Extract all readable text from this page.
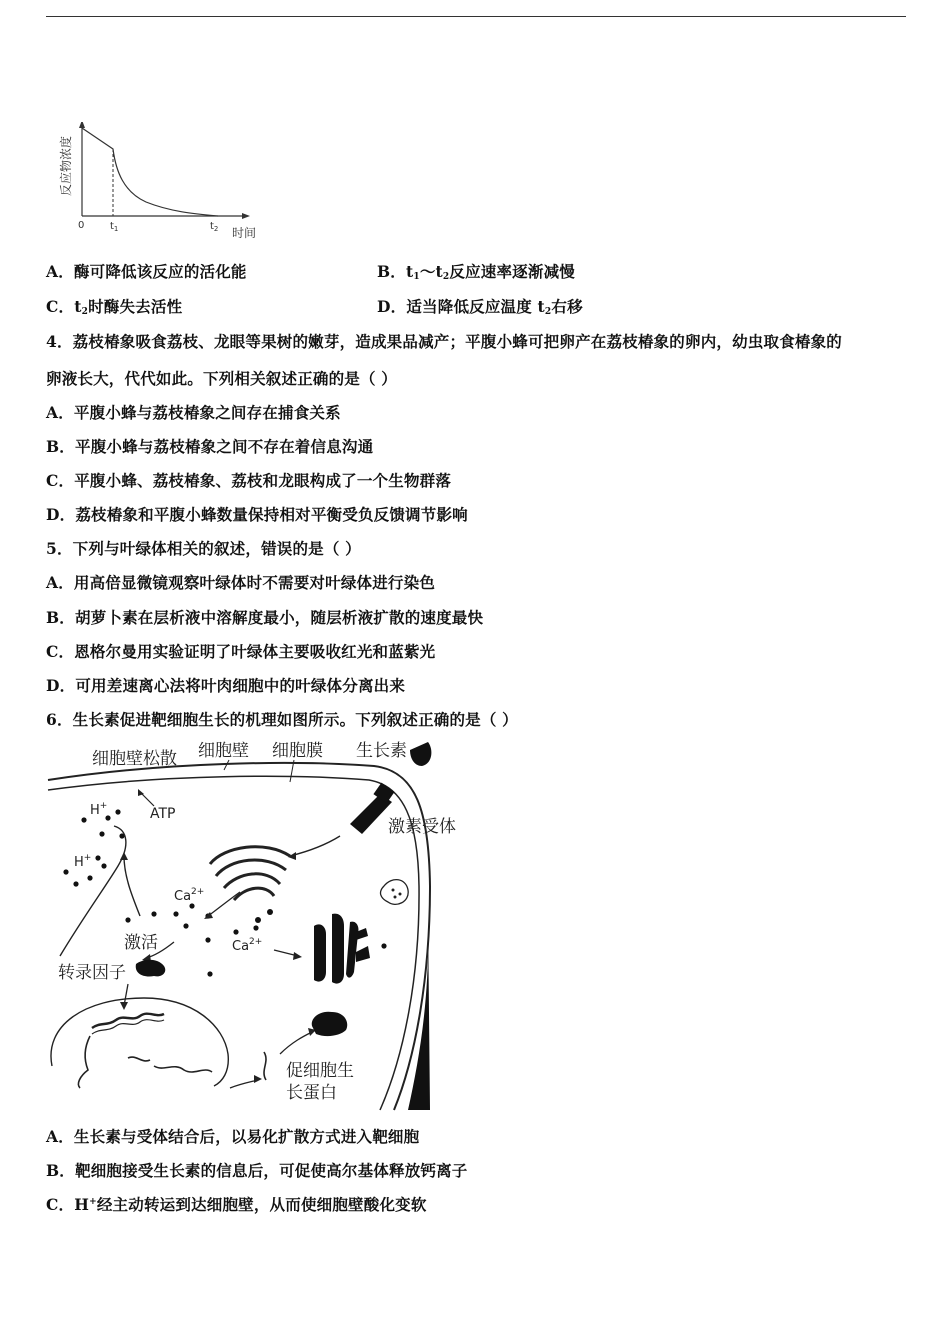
反应物浓度
0	$t_1$	$t_2$ 时间
A．酶可降低该反应的活化能	B．$t_1\sim t_2$反应速率逐渐减慢
C．$t_2$时酶失去活性	D．适当降低反应温度 $t_2$右移
4．荔枝椿象吸食荔枝、龙眼等果树的嫩芽，造成果品减产；平腹小蜂可把卵产在荔枝椿象的卵内，幼虫取食椿象的
卵液长大，代代如此。下列相关叙述正确的是（ ）
A．平腹小蜂与荔枝椿象之间存在捕食关系
B．平腹小蜂与荔枝椿象之间不存在着信息沟通
C．平腹小蜂、荔枝椿象、荔枝和龙眼构成了一个生物群落
D．荔枝椿象和平腹小蜂数量保持相对平衡受负反馈调节影响
5．下列与叶绿体相关的叙述，错误的是（ ）
A．用高倍显微镜观察叶绿体时不需要对叶绿体进行染色
B．胡萝卜素在层析液中溶解度最小，随层析液扩散的速度最快
C．恩格尔曼用实验证明了叶绿体主要吸收红光和蓝紫光
D．可用差速离心法将叶肉细胞中的叶绿体分离出来
6．生长素促进靶细胞生长的机理如图所示。下列叙述正确的是（ ）
细胞壁松散 细胞壁 细胞膜 生长素
激素受体
H+	ATP
H+
$Ca^{2+}$
$Ca^{2+}$
激活
转录因子
促细胞生
长蛋白
A．生长素与受体结合后，以易化扩散方式进入靶细胞
B．靶细胞接受生长素的信息后，可促使高尔基体释放钙离子
C．H+经主动转运到达细胞壁，从而使细胞壁酸化变软
